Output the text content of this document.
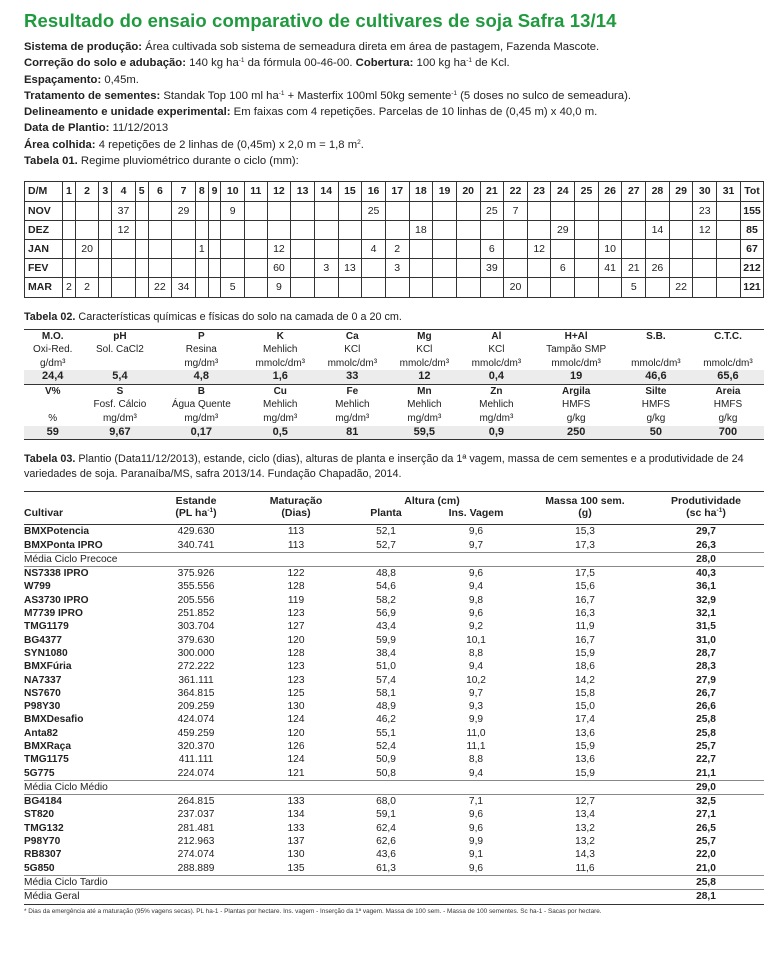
Resultado do ensaio comparativo de cultivares de soja Safra 13/14
Sistema de produção: Área cultivada sob sistema de semeadura direta em área de pastagem, Fazenda Mascote.
Correção do solo e adubação: 140 kg $ha^{-1}$ da fórmula 00-46-00. Cobertura: 100 kg $ha^{-1}$ de Kcl.
Espaçamento: 0,45m.
Tratamento de sementes: Standak Top 100 ml $ha^{-1}$ + Masterfix 100ml 50kg semente$^{-1}$ (5 doses no sulco de semeadura).
Delineamento e unidade experimental: Em faixas com 4 repetições. Parcelas de 10 linhas de (0,45 m) x 40,0 m.
Data de Plantio: 11/12/2013
Área colhida: 4 repetições de 2 linhas de (0,45m) x 2,0 m = 1,8 $m^2$.
Tabela 01. Regime pluviométrico durante o ciclo (mm):
D/M	1	2	3	4	5	6	7	8	9	10	11	12	13	14	15	16	17	18	19	20	21	22	23	24	25	26	27	28	29	30	31	Tot
NOV				37			29			9						25					25	7								23		155
DEZ				12														18						29				14		12		85
JAN		20						1				12				4	2				6		12			10						67
FEV												60		3	13		3				39			6		41	21	26				212
MAR	2	2				22	34			5		9										20					5		22			121
Tabela 02. Características químicas e físicas do solo na camada de 0 a 20 cm.
M.O.	pH	P	K	Ca	Mg	Al	H+Al	S.B.	C.T.C.
Oxi-Red.	Sol. CaCl2	Resina	Mehlich	KCl	KCl	KCl	Tampão SMP		
g/dm³		mg/dm³	mmolc/dm³	mmolc/dm³	mmolc/dm³	mmolc/dm³	mmolc/dm³	mmolc/dm³	mmolc/dm³
24,4	5,4	4,8	1,6	33	12	0,4	19	46,6	65,6
V%	S	B	Cu	Fe	Mn	Zn	Argila	Silte	Areia
	Fosf. Cálcio	Água Quente	Mehlich	Mehlich	Mehlich	Mehlich	HMFS	HMFS	HMFS
%	mg/dm³	mg/dm³	mg/dm³	mg/dm³	mg/dm³	mg/dm³	g/kg	g/kg	g/kg
59	9,67	0,17	0,5	81	59,5	0,9	250	50	700
Tabela 03. Plantio (Data11/12/2013), estande, ciclo (dias), alturas de planta e inserção da 1ª vagem, massa de cem sementes e a produtividade de 24 variedades de soja. Paranaíba/MS, safra 2013/14. Fundação Chapadão, 2014.
	Estande	Maturação	Altura (cm)		Massa 100 sem.	Produtividade
Cultivar	(PL $ha^{-1}$)	(Dias)	Planta	Ins. Vagem	(g)	(sc $ha^{-1}$)
BMXPotencia	429.630	113	52,1	9,6	15,3	29,7
BMXPonta IPRO	340.741	113	52,7	9,7	17,3	26,3
Média Ciclo Precoce						28,0
NS7338 IPRO	375.926	122	48,8	9,6	17,5	40,3
W799	355.556	128	54,6	9,4	15,6	36,1
AS3730 IPRO	205.556	119	58,2	9,8	16,7	32,9
M7739 IPRO	251.852	123	56,9	9,6	16,3	32,1
TMG1179	303.704	127	43,4	9,2	11,9	31,5
BG4377	379.630	120	59,9	10,1	16,7	31,0
SYN1080	300.000	128	38,4	8,8	15,9	28,7
BMXFúria	272.222	123	51,0	9,4	18,6	28,3
NA7337	361.111	123	57,4	10,2	14,2	27,9
NS7670	364.815	125	58,1	9,7	15,8	26,7
P98Y30	209.259	130	48,9	9,3	15,0	26,6
BMXDesafio	424.074	124	46,2	9,9	17,4	25,8
Anta82	459.259	120	55,1	11,0	13,6	25,8
BMXRaça	320.370	126	52,4	11,1	15,9	25,7
TMG1175	411.111	124	50,9	8,8	13,6	22,7
5G775	224.074	121	50,8	9,4	15,9	21,1
Média Ciclo Médio						29,0
BG4184	264.815	133	68,0	7,1	12,7	32,5
ST820	237.037	134	59,1	9,6	13,4	27,1
TMG132	281.481	133	62,4	9,6	13,2	26,5
P98Y70	212.963	137	62,6	9,9	13,2	25,7
RB8307	274.074	130	43,6	9,1	14,3	22,0
5G850	288.889	135	61,3	9,6	11,6	21,0
Média Ciclo Tardio						25,8
Média Geral						28,1
* Dias da emergência até a maturação (95% vagens secas). PL ha-1 - Plantas por hectare. Ins. vagem - Inserção da 1ª vagem. Massa de 100 sem. - Massa de 100 sementes. Sc ha-1 - Sacas por hectare.
